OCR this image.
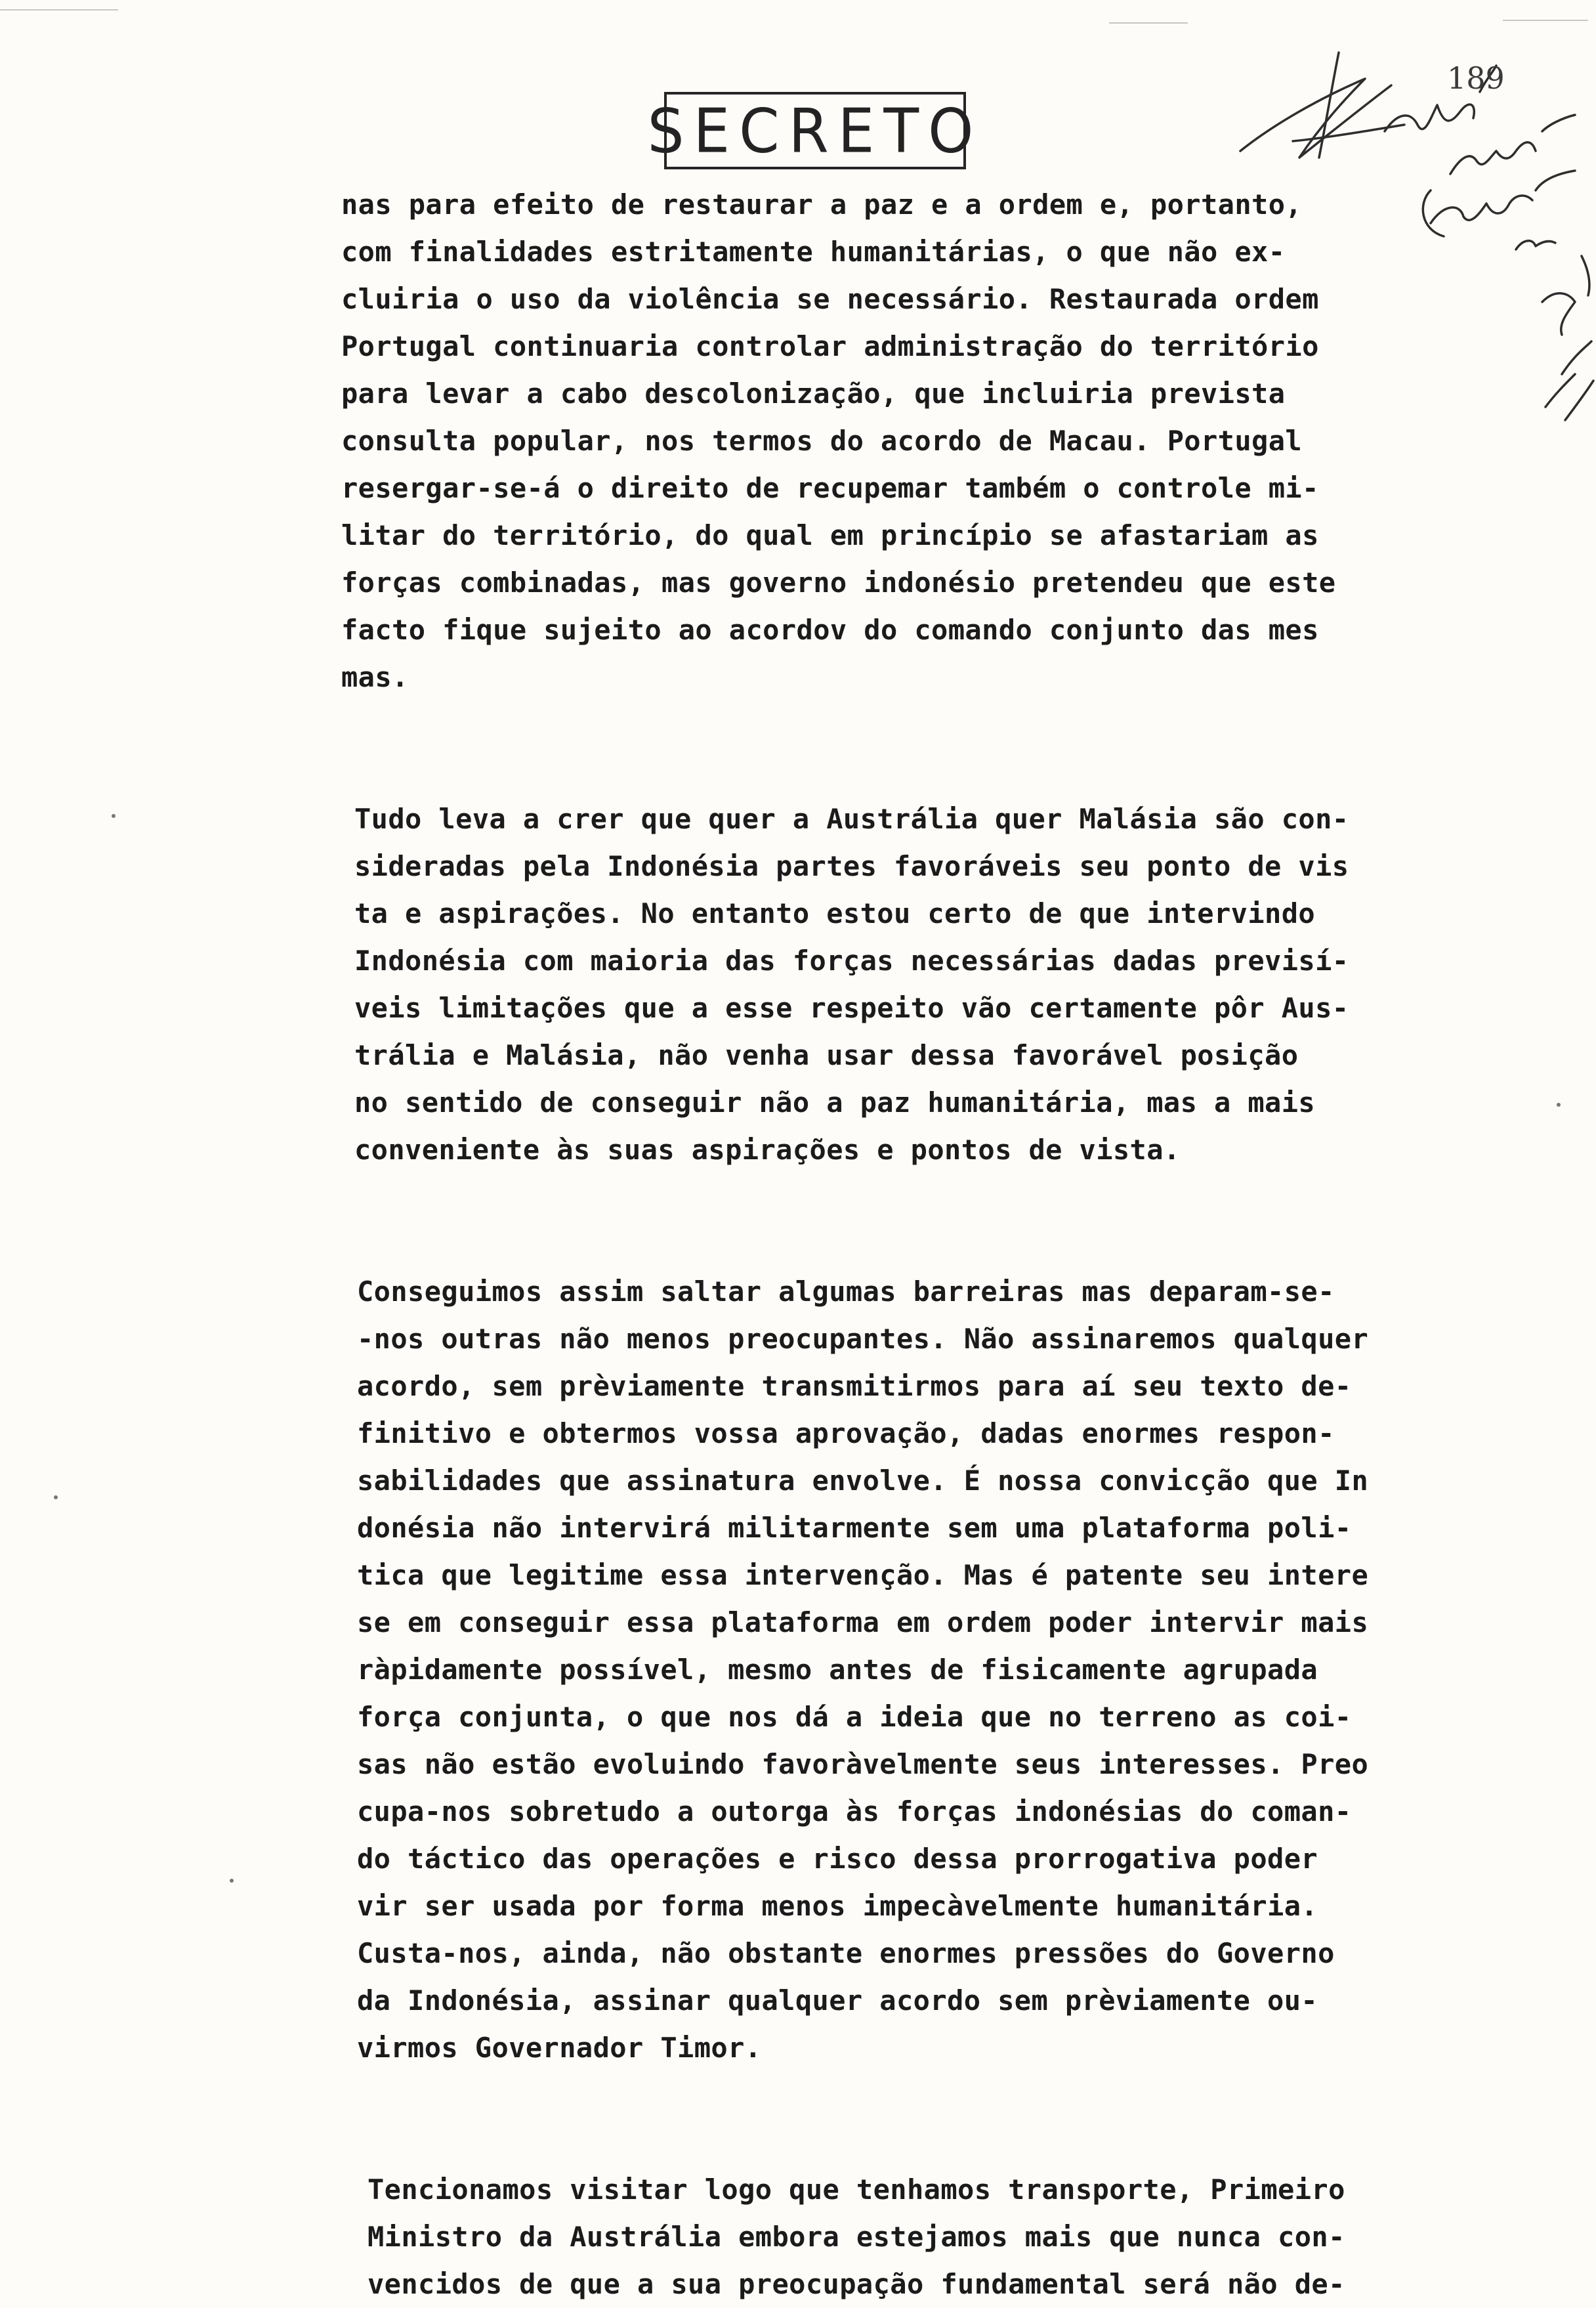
SECRETO
189
nas para efeito de restaurar a paz e a ordem e, portanto,
com finalidades estritamente humanitárias, o que não ex-
cluiria o uso da violência se necessário. Restaurada ordem
Portugal continuaria controlar administração do território
para levar a cabo descolonização, que incluiria prevista
consulta popular, nos termos do acordo de Macau. Portugal
resergar-se-á o direito de recupemar também o controle mi-
litar do território, do qual em princípio se afastariam as
forças combinadas, mas governo indonésio pretendeu que este
facto fique sujeito ao acordov do comando conjunto das mes
mas.
Tudo leva a crer que quer a Austrália quer Malásia são con-
sideradas pela Indonésia partes favoráveis seu ponto de vis
ta e aspirações. No entanto estou certo de que intervindo
Indonésia com maioria das forças necessárias dadas previsí-
veis limitações que a esse respeito vão certamente pôr Aus-
trália e Malásia, não venha usar dessa favorável posição
no sentido de conseguir não a paz humanitária, mas a mais
conveniente às suas aspirações e pontos de vista.
Conseguimos assim saltar algumas barreiras mas deparam-se-
-nos outras não menos preocupantes. Não assinaremos qualquer
acordo, sem prèviamente transmitirmos para aí seu texto de-
finitivo e obtermos vossa aprovação, dadas enormes respon-
sabilidades que assinatura envolve. É nossa convicção que In
donésia não intervirá militarmente sem uma plataforma poli-
tica que legitime essa intervenção. Mas é patente seu intere
se em conseguir essa plataforma em ordem poder intervir mais
ràpidamente possível, mesmo antes de fisicamente agrupada
força conjunta, o que nos dá a ideia que no terreno as coi-
sas não estão evoluindo favoràvelmente seus interesses. Preo
cupa-nos sobretudo a outorga às forças indonésias do coman-
do táctico das operações e risco dessa prorrogativa poder
vir ser usada por forma menos impecàvelmente humanitária.
Custa-nos, ainda, não obstante enormes pressões do Governo
da Indonésia, assinar qualquer acordo sem prèviamente ou-
virmos Governador Timor.
Tencionamos visitar logo que tenhamos transporte, Primeiro
Ministro da Austrália embora estejamos mais que nunca con-
vencidos de que a sua preocupação fundamental será não de-
